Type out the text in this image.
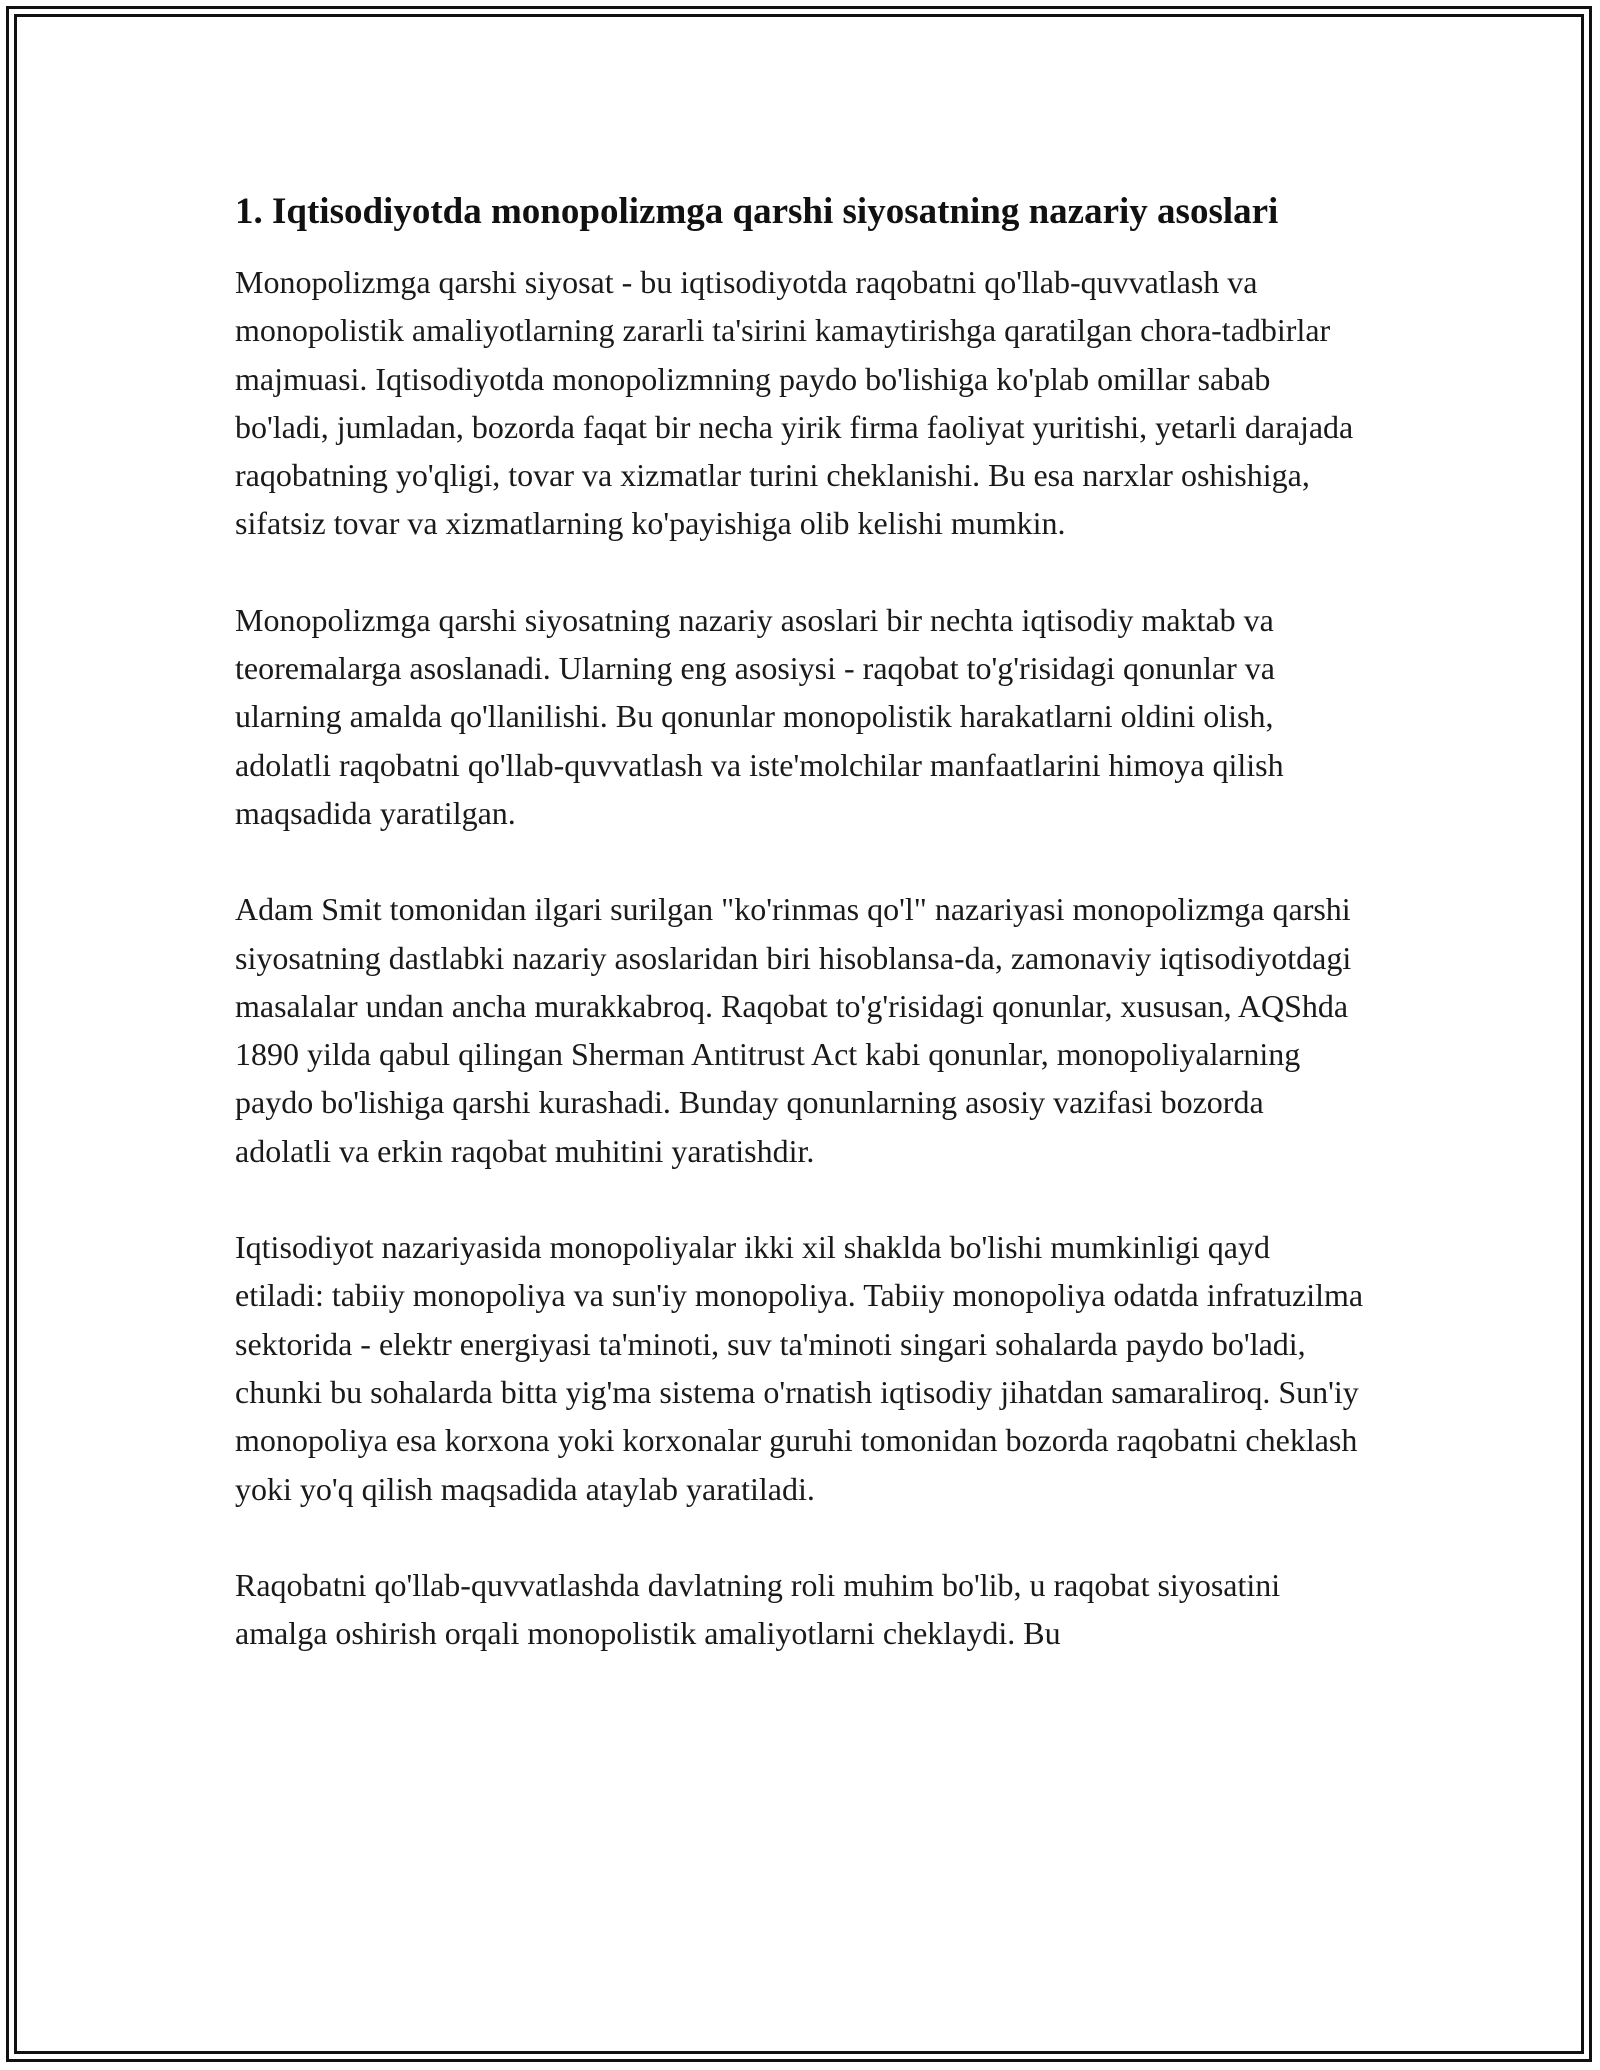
1. Iqtisodiyotda monopolizmga qarshi siyosatning nazariy asoslari

Monopolizmga qarshi siyosat - bu iqtisodiyotda raqobatni qo'llab-quvvatlash va monopolistik amaliyotlarning zararli ta'sirini kamaytirishga qaratilgan chora-tadbirlar majmuasi. Iqtisodiyotda monopolizmning paydo bo'lishiga ko'plab omillar sabab bo'ladi, jumladan, bozorda faqat bir necha yirik firma faoliyat yuritishi, yetarli darajada raqobatning yo'qligi, tovar va xizmatlar turini cheklanishi. Bu esa narxlar oshishiga, sifatsiz tovar va xizmatlarning ko'payishiga olib kelishi mumkin.

Monopolizmga qarshi siyosatning nazariy asoslari bir nechta iqtisodiy maktab va teoremalarga asoslanadi. Ularning eng asosiysi - raqobat to'g'risidagi qonunlar va ularning amalda qo'llanilishi. Bu qonunlar monopolistik harakatlarni oldini olish, adolatli raqobatni qo'llab-quvvatlash va iste'molchilar manfaatlarini himoya qilish maqsadida yaratilgan.

Adam Smit tomonidan ilgari surilgan "ko'rinmas qo'l" nazariyasi monopolizmga qarshi siyosatning dastlabki nazariy asoslaridan biri hisoblansa-da, zamonaviy iqtisodiyotdagi masalalar undan ancha murakkabroq. Raqobat to'g'risidagi qonunlar, xususan, AQShda 1890 yilda qabul qilingan Sherman Antitrust Act kabi qonunlar, monopoliyalarning paydo bo'lishiga qarshi kurashadi. Bunday qonunlarning asosiy vazifasi bozorda adolatli va erkin raqobat muhitini yaratishdir.

Iqtisodiyot nazariyasida monopoliyalar ikki xil shaklda bo'lishi mumkinligi qayd etiladi: tabiiy monopoliya va sun'iy monopoliya. Tabiiy monopoliya odatda infratuzilma sektorida - elektr energiyasi ta'minoti, suv ta'minoti singari sohalarda paydo bo'ladi, chunki bu sohalarda bitta yig'ma sistema o'rnatish iqtisodiy jihatdan samaraliroq. Sun'iy monopoliya esa korxona yoki korxonalar guruhi tomonidan bozorda raqobatni cheklash yoki yo'q qilish maqsadida ataylab yaratiladi.

Raqobatni qo'llab-quvvatlashda davlatning roli muhim bo'lib, u raqobat siyosatini amalga oshirish orqali monopolistik amaliyotlarni cheklaydi. Bu
